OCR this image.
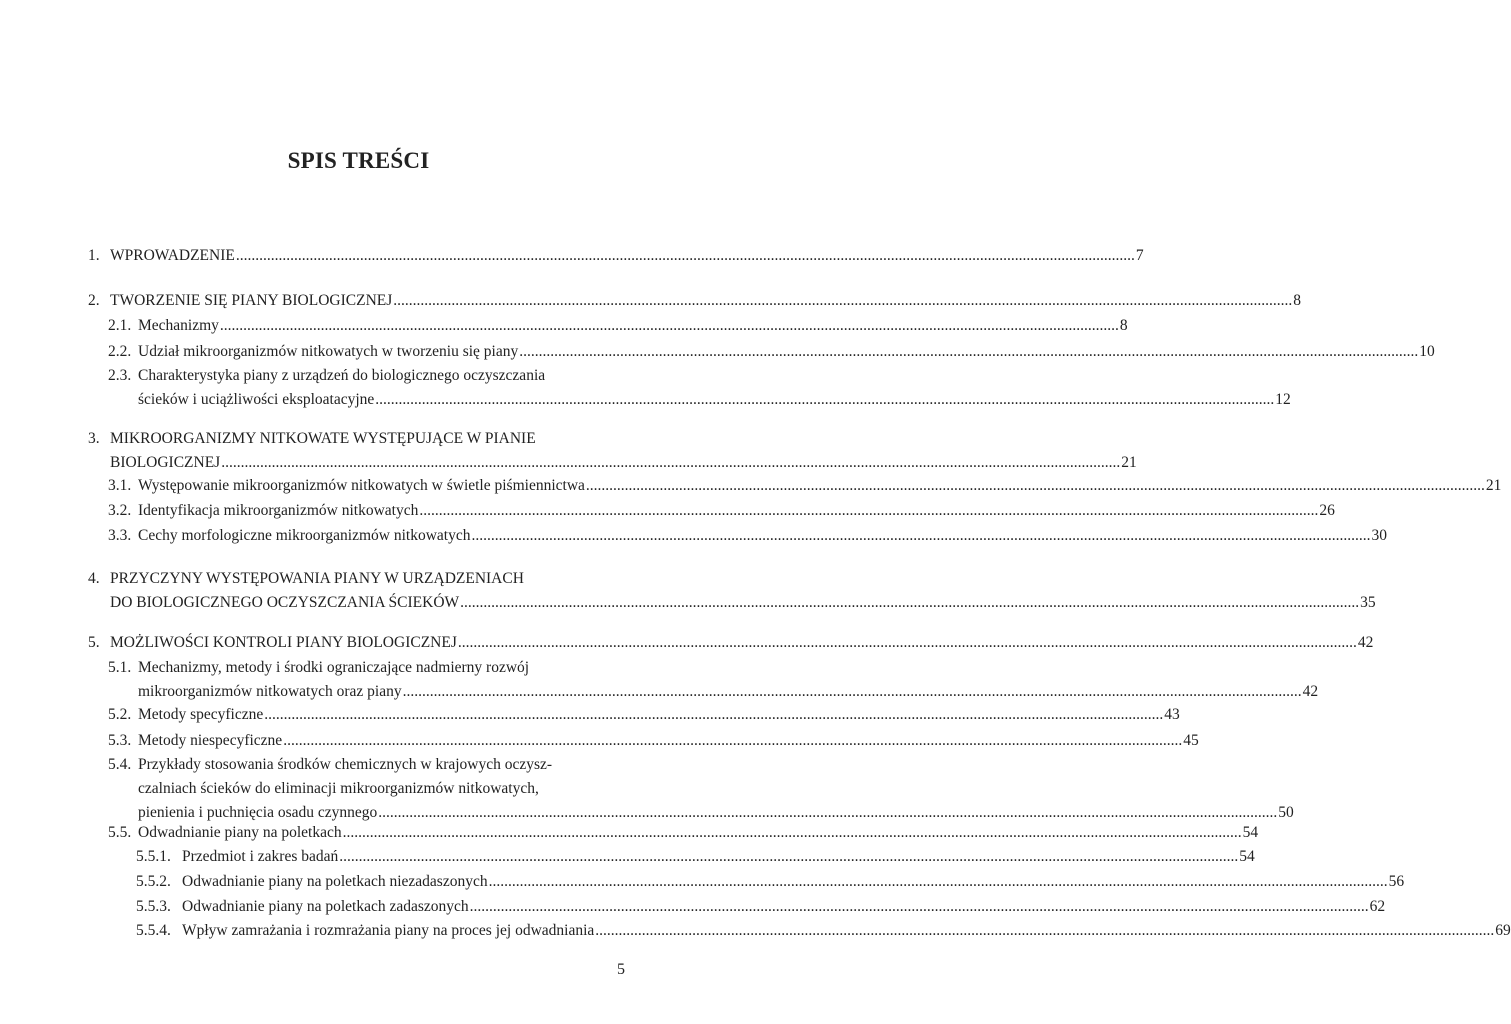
SPIS TREŚCI
1. WPROWADZENIE .....	7
2. TWORZENIE SIĘ PIANY BIOLOGICZNEJ .....	8
2.1. Mechanizmy .....	8
2.2. Udział mikroorganizmów nitkowatych w tworzeniu się piany .....	10
2.3. Charakterystyka piany z urządzeń do biologicznego oczyszczania
ścieków i uciążliwości eksploatacyjne .....	12
3. MIKROORGANIZMY NITKOWATE WYSTĘPUJĄCE W PIANIE
BIOLOGICZNEJ .....	21
3.1. Występowanie mikroorganizmów nitkowatych w świetle piśmiennictwa .....	21
3.2. Identyfikacja mikroorganizmów nitkowatych .....	26
3.3. Cechy morfologiczne mikroorganizmów nitkowatych .....	30
4. PRZYCZYNY WYSTĘPOWANIA PIANY W URZĄDZENIACH
DO BIOLOGICZNEGO OCZYSZCZANIA ŚCIEKÓW .....	35
5. MOŻLIWOŚCI KONTROLI PIANY BIOLOGICZNEJ .....	42
5.1. Mechanizmy, metody i środki ograniczające nadmierny rozwój
mikroorganizmów nitkowatych oraz piany .....	42
5.2. Metody specyficzne .....	43
5.3. Metody niespecyficzne .....	45
5.4. Przykłady stosowania środków chemicznych w krajowych oczysz-
czalniach ścieków do eliminacji mikroorganizmów nitkowatych,
pienienia i puchnięcia osadu czynnego .....	50
5.5. Odwadnianie piany na poletkach .....	54
5.5.1. Przedmiot i zakres badań .....	54
5.5.2. Odwadnianie piany na poletkach niezadaszonych .....	56
5.5.3. Odwadnianie piany na poletkach zadaszonych .....	62
5.5.4. Wpływ zamrażania i rozmrażania piany na proces jej odwadniania .....	69
5
